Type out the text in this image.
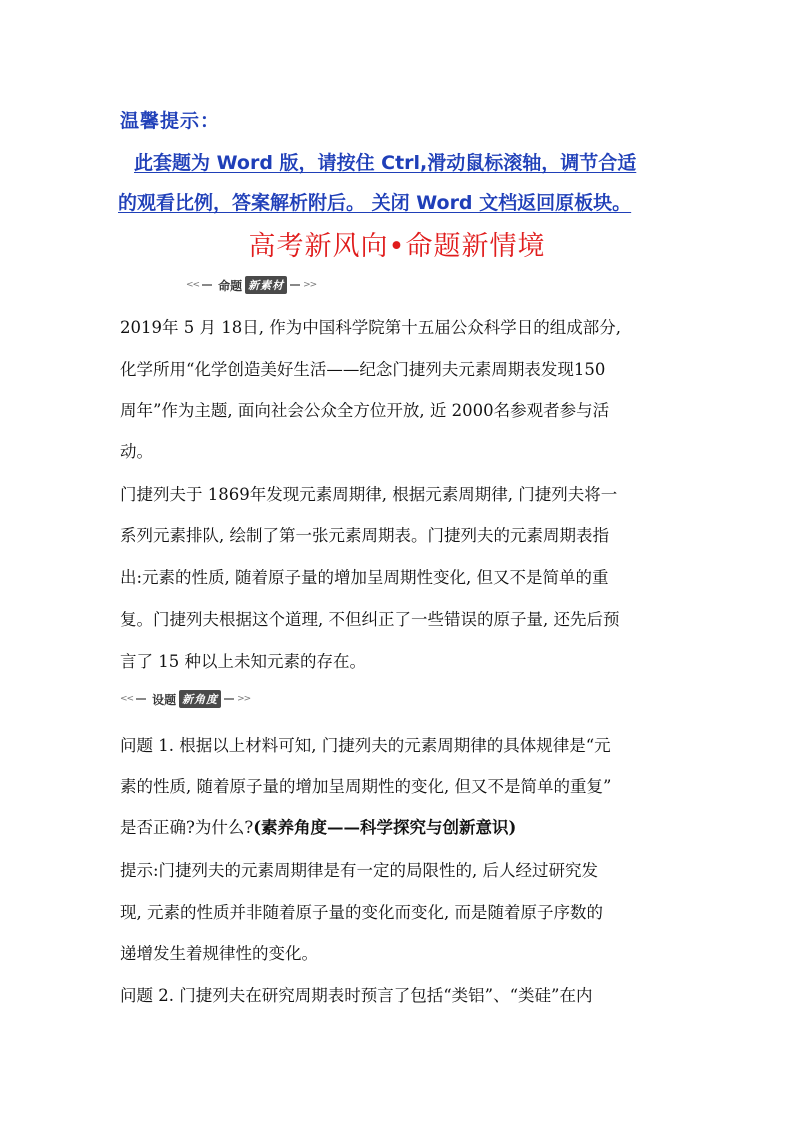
温馨提示：
此套题为 Word 版，请按住 Ctrl,滑动鼠标滚轴，调节合适
的观看比例，答案解析附后。 关闭 Word 文档返回原板块。
高考新风向•命题新情境
<< 命题 新素材	>>
2019年 5 月 18日, 作为中国科学院第十五届公众科学日的组成部分,
化学所用“化学创造美好生活——纪念门捷列夫元素周期表发现150
周年”作为主题, 面向社会公众全方位开放, 近 2000名参观者参与活
动。
门捷列夫于 1869年发现元素周期律, 根据元素周期律, 门捷列夫将一
系列元素排队, 绘制了第一张元素周期表。门捷列夫的元素周期表指
出:元素的性质, 随着原子量的增加呈周期性变化, 但又不是简单的重
复。门捷列夫根据这个道理, 不但纠正了一些错误的原子量, 还先后预
言了 15 种以上未知元素的存在。
<< 设题 新角度	>>
问题 1. 根据以上材料可知, 门捷列夫的元素周期律的具体规律是“元
素的性质, 随着原子量的增加呈周期性的变化, 但又不是简单的重复”
是否正确?为什么?(素养角度——科学探究与创新意识)
提示:门捷列夫的元素周期律是有一定的局限性的, 后人经过研究发
现, 元素的性质并非随着原子量的变化而变化, 而是随着原子序数的
递增发生着规律性的变化。
问题 2. 门捷列夫在研究周期表时预言了包括“类铝”、“类硅”在内
